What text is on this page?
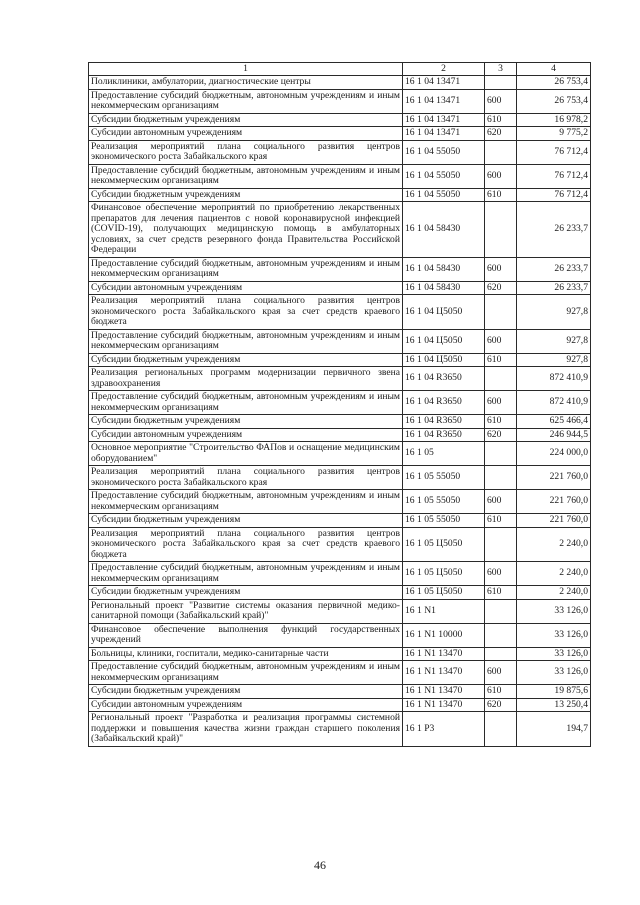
1	2	3	4
Поликлиники, амбулатории, диагностические центры	16 1 04 13471		26 753,4
Предоставление субсидий бюджетным, автономным учреждениям и иным некоммерческим организациям	16 1 04 13471	600	26 753,4
Субсидии бюджетным учреждениям	16 1 04 13471	610	16 978,2
Субсидии автономным учреждениям	16 1 04 13471	620	9 775,2
Реализация мероприятий плана социального развития центров экономического роста Забайкальского края	16 1 04 55050		76 712,4
Предоставление субсидий бюджетным, автономным учреждениям и иным некоммерческим организациям	16 1 04 55050	600	76 712,4
Субсидии бюджетным учреждениям	16 1 04 55050	610	76 712,4
Финансовое обеспечение мероприятий по приобретению лекарственных препаратов для лечения пациентов с новой коронавирусной инфекцией (COVID-19), получающих медицинскую помощь в амбулаторных условиях, за счет средств резервного фонда Правительства Российской Федерации	16 1 04 58430		26 233,7
Предоставление субсидий бюджетным, автономным учреждениям и иным некоммерческим организациям	16 1 04 58430	600	26 233,7
Субсидии автономным учреждениям	16 1 04 58430	620	26 233,7
Реализация мероприятий плана социального развития центров экономического роста Забайкальского края за счет средств краевого бюджета	16 1 04 Ц5050		927,8
Предоставление субсидий бюджетным, автономным учреждениям и иным некоммерческим организациям	16 1 04 Ц5050	600	927,8
Субсидии бюджетным учреждениям	16 1 04 Ц5050	610	927,8
Реализация региональных программ модернизации первичного звена здравоохранения	16 1 04 R3650		872 410,9
Предоставление субсидий бюджетным, автономным учреждениям и иным некоммерческим организациям	16 1 04 R3650	600	872 410,9
Субсидии бюджетным учреждениям	16 1 04 R3650	610	625 466,4
Субсидии автономным учреждениям	16 1 04 R3650	620	246 944,5
Основное мероприятие "Строительство ФАПов и оснащение медицинским оборудованием"	16 1 05		224 000,0
Реализация мероприятий плана социального развития центров экономического роста Забайкальского края	16 1 05 55050		221 760,0
Предоставление субсидий бюджетным, автономным учреждениям и иным некоммерческим организациям	16 1 05 55050	600	221 760,0
Субсидии бюджетным учреждениям	16 1 05 55050	610	221 760,0
Реализация мероприятий плана социального развития центров экономического роста Забайкальского края за счет средств краевого бюджета	16 1 05 Ц5050		2 240,0
Предоставление субсидий бюджетным, автономным учреждениям и иным некоммерческим организациям	16 1 05 Ц5050	600	2 240,0
Субсидии бюджетным учреждениям	16 1 05 Ц5050	610	2 240,0
Региональный проект "Развитие системы оказания первичной медико-санитарной помощи (Забайкальский край)"	16 1 N1		33 126,0
Финансовое обеспечение выполнения функций государственных учреждений	16 1 N1 10000		33 126,0
Больницы, клиники, госпитали, медико-санитарные части	16 1 N1 13470		33 126,0
Предоставление субсидий бюджетным, автономным учреждениям и иным некоммерческим организациям	16 1 N1 13470	600	33 126,0
Субсидии бюджетным учреждениям	16 1 N1 13470	610	19 875,6
Субсидии автономным учреждениям	16 1 N1 13470	620	13 250,4
Региональный проект "Разработка и реализация программы системной поддержки и повышения качества жизни граждан старшего поколения (Забайкальский край)"	16 1 P3		194,7
46
